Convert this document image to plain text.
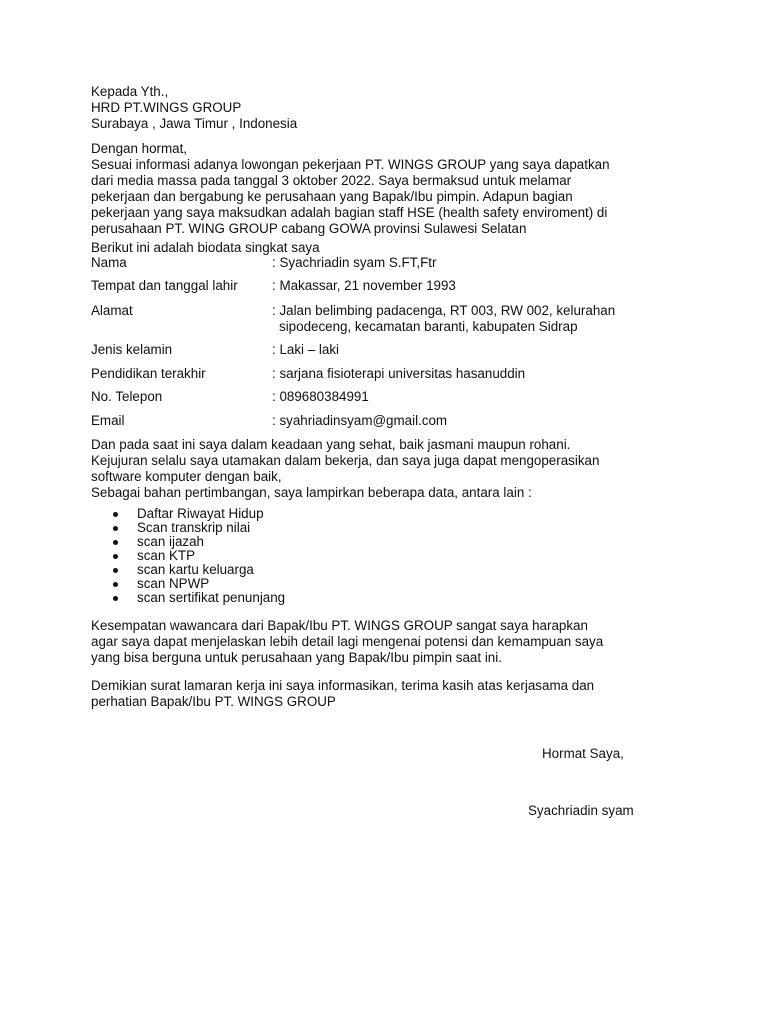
Kepada Yth.,
HRD PT.WINGS GROUP
Surabaya , Jawa Timur , Indonesia
Dengan hormat,
Sesuai informasi adanya lowongan pekerjaan PT. WINGS GROUP yang saya dapatkan
dari media massa pada tanggal 3 oktober 2022. Saya bermaksud untuk melamar
pekerjaan dan bergabung ke perusahaan yang Bapak/Ibu pimpin. Adapun bagian
pekerjaan yang saya maksudkan adalah bagian staff HSE (health safety enviroment) di
perusahaan PT. WING GROUP cabang GOWA provinsi Sulawesi Selatan
Berikut ini adalah biodata singkat saya
Nama	: Syachriadin syam S.FT,Ftr
Tempat dan tanggal lahir	: Makassar, 21 november 1993
Alamat	: Jalan belimbing padacenga, RT 003, RW 002, kelurahan
sipodeceng, kecamatan baranti, kabupaten Sidrap
Jenis kelamin	: Laki – laki
Pendidikan terakhir	: sarjana fisioterapi universitas hasanuddin
No. Telepon	: 089680384991
Email	: syahriadinsyam@gmail.com
Dan pada saat ini saya dalam keadaan yang sehat, baik jasmani maupun rohani.
Kejujuran selalu saya utamakan dalam bekerja, dan saya juga dapat mengoperasikan
software komputer dengan baik,
Sebagai bahan pertimbangan, saya lampirkan beberapa data, antara lain :
Daftar Riwayat Hidup
Scan transkrip nilai
scan ijazah
scan KTP
scan kartu keluarga
scan NPWP
scan sertifikat penunjang
Kesempatan wawancara dari Bapak/Ibu PT. WINGS GROUP sangat saya harapkan
agar saya dapat menjelaskan lebih detail lagi mengenai potensi dan kemampuan saya
yang bisa berguna untuk perusahaan yang Bapak/Ibu pimpin saat ini.
Demikian surat lamaran kerja ini saya informasikan, terima kasih atas kerjasama dan
perhatian Bapak/Ibu PT. WINGS GROUP
Hormat Saya,
Syachriadin syam
